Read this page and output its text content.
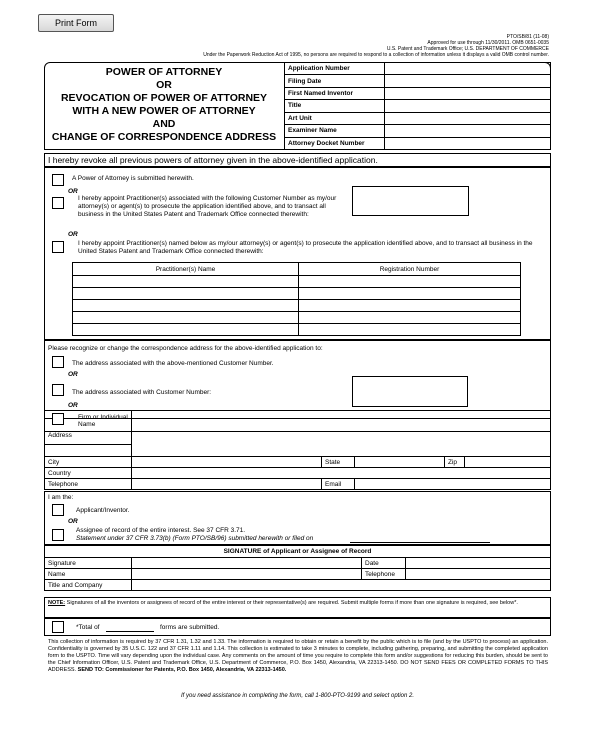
Print Form
PTO/SB/81 (11-08)
Approved for use through 11/30/2011. OMB 0651-0035
U.S. Patent and Trademark Office; U.S. DEPARTMENT OF COMMERCE
Under the Paperwork Reduction Act of 1995, no persons are required to respond to a collection of information unless it displays a valid OMB control number.
POWER OF ATTORNEY
OR
REVOCATION OF POWER OF ATTORNEY
WITH A NEW POWER OF ATTORNEY
AND
CHANGE OF CORRESPONDENCE ADDRESS
Application Number	
Filing Date	
First Named Inventor	
Title	
Art Unit	
Examiner Name	
Attorney Docket Number	
I hereby revoke all previous powers of attorney given in the above-identified application.
A Power of Attorney is submitted herewith.
OR
I hereby appoint Practitioner(s) associated with the following Customer Number as my/our attorney(s) or agent(s) to prosecute the application identified above, and to transact all business in the United States Patent and Trademark Office connected therewith:
OR
I hereby appoint Practitioner(s) named below as my/our attorney(s) or agent(s) to prosecute the application identified above, and to transact all business in the United States Patent and Trademark Office connected therewith:
Practitioner(s) Name	Registration Number

Please recognize or change the correspondence address for the above-identified application to:
The address associated with the above-mentioned Customer Number.
OR
The address associated with Customer Number:
OR
Firm or Individual Name					
Address					

City		State		Zip	
Country					
Telephone		Email			
I am the:
Applicant/Inventor.
OR
Assignee of record of the entire interest. See 37 CFR 3.71.
Statement under 37 CFR 3.73(b) (Form PTO/SB/96) submitted herewith or filed on
SIGNATURE of Applicant or Assignee of Record			
Signature		Date	
Name		Telephone	
Title and Company			
NOTE: Signatures of all the inventors or assignees of record of the entire interest or their representative(s) are required. Submit multiple forms if more than one signature is required, see below*.
*Total of	forms are submitted.
This collection of information is required by 37 CFR 1.31, 1.32 and 1.33. The information is required to obtain or retain a benefit by the public which is to file (and by the USPTO to process) an application. Confidentiality is governed by 35 U.S.C. 122 and 37 CFR 1.11 and 1.14. This collection is estimated to take 3 minutes to complete, including gathering, preparing, and submitting the completed application form to the USPTO. Time will vary depending upon the individual case. Any comments on the amount of time you require to complete this form and/or suggestions for reducing this burden, should be sent to the Chief Information Officer, U.S. Patent and Trademark Office, U.S. Department of Commerce, P.O. Box 1450, Alexandria, VA 22313-1450. DO NOT SEND FEES OR COMPLETED FORMS TO THIS ADDRESS. SEND TO: Commissioner for Patents, P.O. Box 1450, Alexandria, VA 22313-1450.
If you need assistance in completing the form, call 1-800-PTO-9199 and select option 2.
